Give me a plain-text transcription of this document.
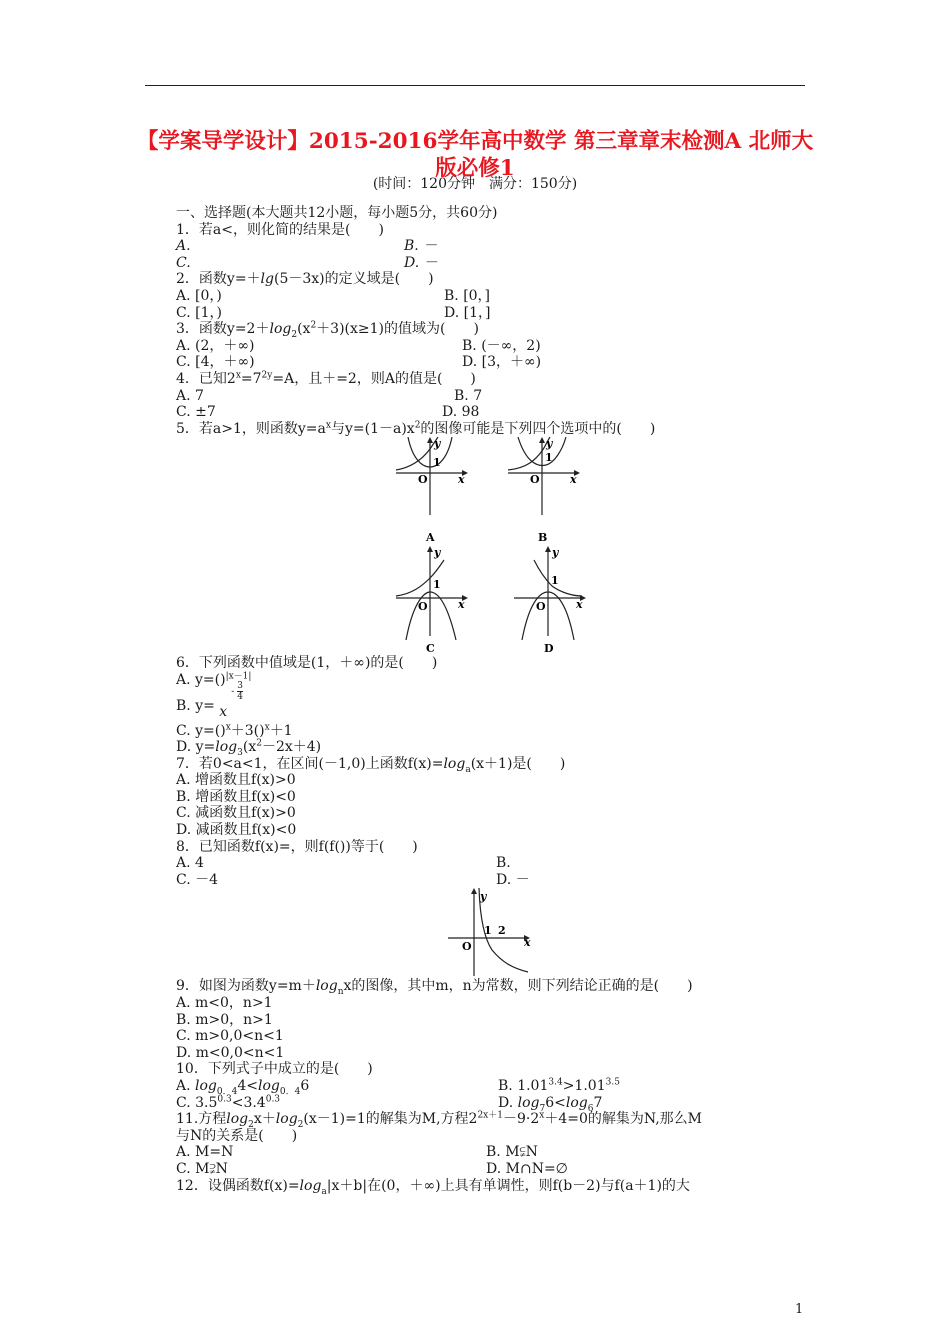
【学案导学设计】2015-2016学年高中数学 第三章章末检测A 北师大
版必修1
(时间：120分钟　满分：150分)
一、选择题(本大题共12小题，每小题5分，共60分)
1．若a<，则化简的结果是(　　)
A.	B. －
C.	D. －
2．函数y=＋lg(5－3x)的定义域是(　　)
A. [0，)	B. [0，]
C. [1，)	D. [1，]
3．函数$y=2+\log_2(x^2+3)(x\ge 1)$的值域为(　　)
A. (2，＋∞)	B. (－∞，2)
C. [4，＋∞)	D. [3，＋∞)
4．已知$2^x=7^{2y}=A$，且＋=2，则A的值是(　　)
A. 7	B. 7
C. ±7	D. 98
5．若a>1，则函数$y=a^x$与$y=(1-a)x^2$的图像可能是下列四个选项中的(　　)
O
1
x
y
A
O
1
x
y
B
O
1
x
y
C
O
1
x
y
D
6．下列函数中值域是(1，＋∞)的是(　　)
A. y=()$^{|x-1|}$
B. y= x
- $\frac{3}{4}$
C. y=()$^x$＋3()$^x$＋1
D. $y=\log_3(x^2-2x+4)$
7．若0<a<1，在区间(－1,0)上函数$f(x)=\log_a(x+1)$是(　　)
A. 增函数且f(x)>0
B. 增函数且f(x)<0
C. 减函数且f(x)>0
D. 减函数且f(x)<0
8．已知函数f(x)=，则f(f())等于(　　)
A. 4	B.
C. －4	D. －
O
1 2
x
y
9．如图为函数$y=m+\log_nx$的图像，其中m，n为常数，则下列结论正确的是(　　)
A. m<0，n>1
B. m>0，n>1
C. m>0,0<n<1
D. m<0,0<n<1
10．下列式子中成立的是(　　)
A. $\log_{0.4}4<\log_{0.4}6$	B. $1.01^{3.4}>1.01^{3.5}$
C. $3.5^{0.3}<3.4^{0.3}$	D. $\log_76<\log_67$
11.方程$\log_2x+\log_2(x-1)=1$的解集为M,方程$2^{2x+1}-9\cdot 2^x+4=0$的解集为N,那么M
与N的关系是(　　)
A. M=N	B. M⫋N
C. M⫌N	D. M∩N=∅
12．设偶函数$f(x)=\log_a|x+b|$在(0，＋∞)上具有单调性，则f(b－2)与f(a＋1)的大
1
